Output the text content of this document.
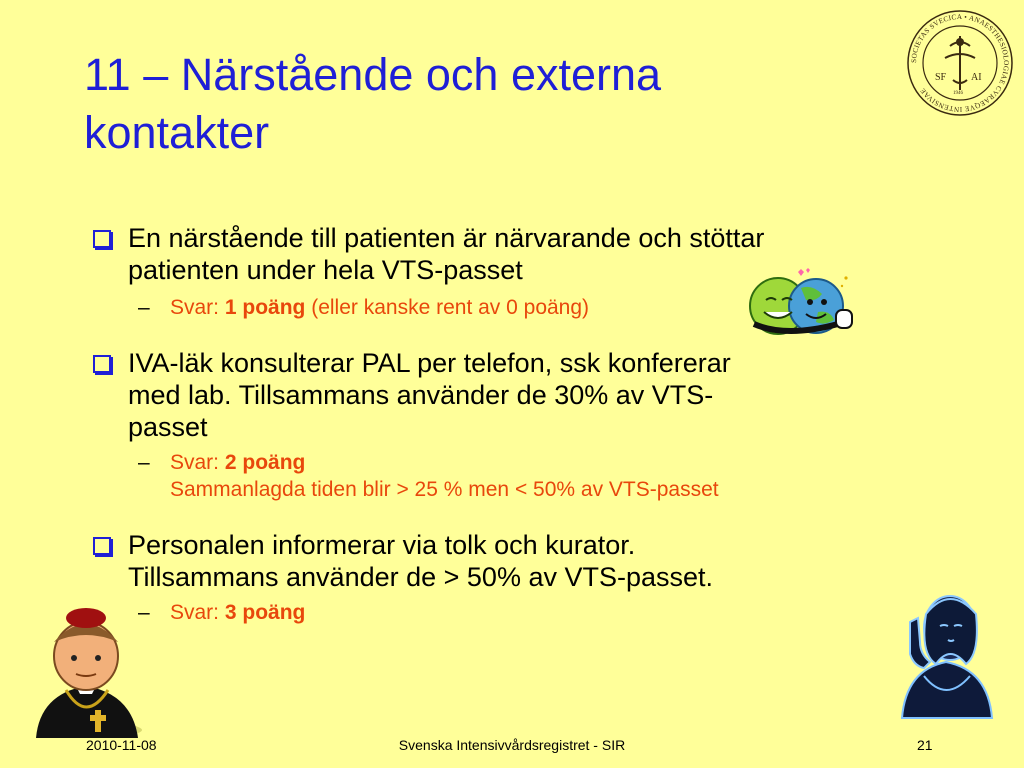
11 – Närstående och externa
kontakter
SOCIETAS SVECICA • ANAESTHESIOLOGIAE CVRAEQVE INTENSIVAE
SF AI
1946
En närstående till patienten är närvarande och stöttar
patienten under hela VTS-passet
– Svar: 1 poäng (eller kanske rent av 0 poäng)
IVA-läk konsulterar PAL per telefon, ssk konfererar
med lab. Tillsammans använder de 30% av VTS-
passet
– Svar: 2 poäng
Sammanlagda tiden blir > 25 % men < 50% av VTS-passet
Personalen informerar via tolk och kurator.
Tillsammans använder de > 50% av VTS-passet.
– Svar: 3 poäng
2010-11-08	Svenska Intensivvårdsregistret - SIR	21
